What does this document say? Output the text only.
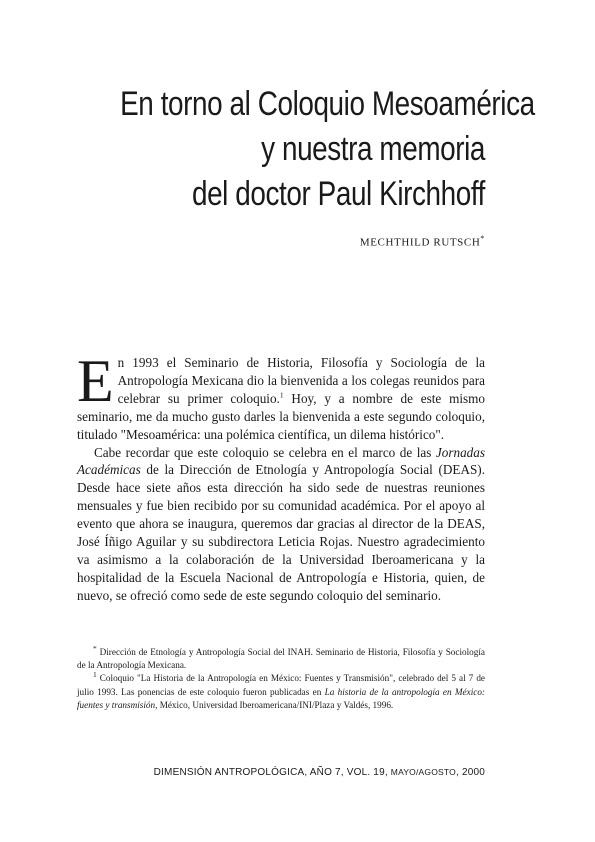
En torno al Coloquio Mesoamérica
y nuestra memoria
del doctor Paul Kirchhoff
MECHTHILD RUTSCH*

En 1993 el Seminario de Historia, Filosofía y Sociología de la Antropología Mexicana dio la bienvenida a los colegas reunidos para celebrar su primer coloquio.$^1$ Hoy, y a nombre de este mismo seminario, me da mucho gusto darles la bienvenida a este segundo coloquio, titulado "Mesoamérica: una polémica científica, un dilema histórico".

Cabe recordar que este coloquio se celebra en el marco de las Jornadas Académicas de la Dirección de Etnología y Antropología Social (DEAS). Desde hace siete años esta dirección ha sido sede de nuestras reuniones mensuales y fue bien recibido por su comunidad académica. Por el apoyo al evento que ahora se inaugura, queremos dar gracias al director de la DEAS, José Íñigo Aguilar y su subdirectora Leticia Rojas. Nuestro agradecimiento va asimismo a la colaboración de la Universidad Iberoamericana y la hospitalidad de la Escuela Nacional de Antropología e Historia, quien, de nuevo, se ofreció como sede de este segundo coloquio del seminario.

* Dirección de Etnología y Antropología Social del INAH. Seminario de Historia, Filosofía y Sociología de la Antropología Mexicana.

$^1$ Coloquio "La Historia de la Antropología en México: Fuentes y Transmisión", celebrado del 5 al 7 de julio 1993. Las ponencias de este coloquio fueron publicadas en La historia de la antropología en México: fuentes y transmisión, México, Universidad Iberoamericana/INI/Plaza y Valdés, 1996.

DIMENSIÓN ANTROPOLÓGICA, AÑO 7, VOL. 19, MAYO/AGOSTO, 2000
